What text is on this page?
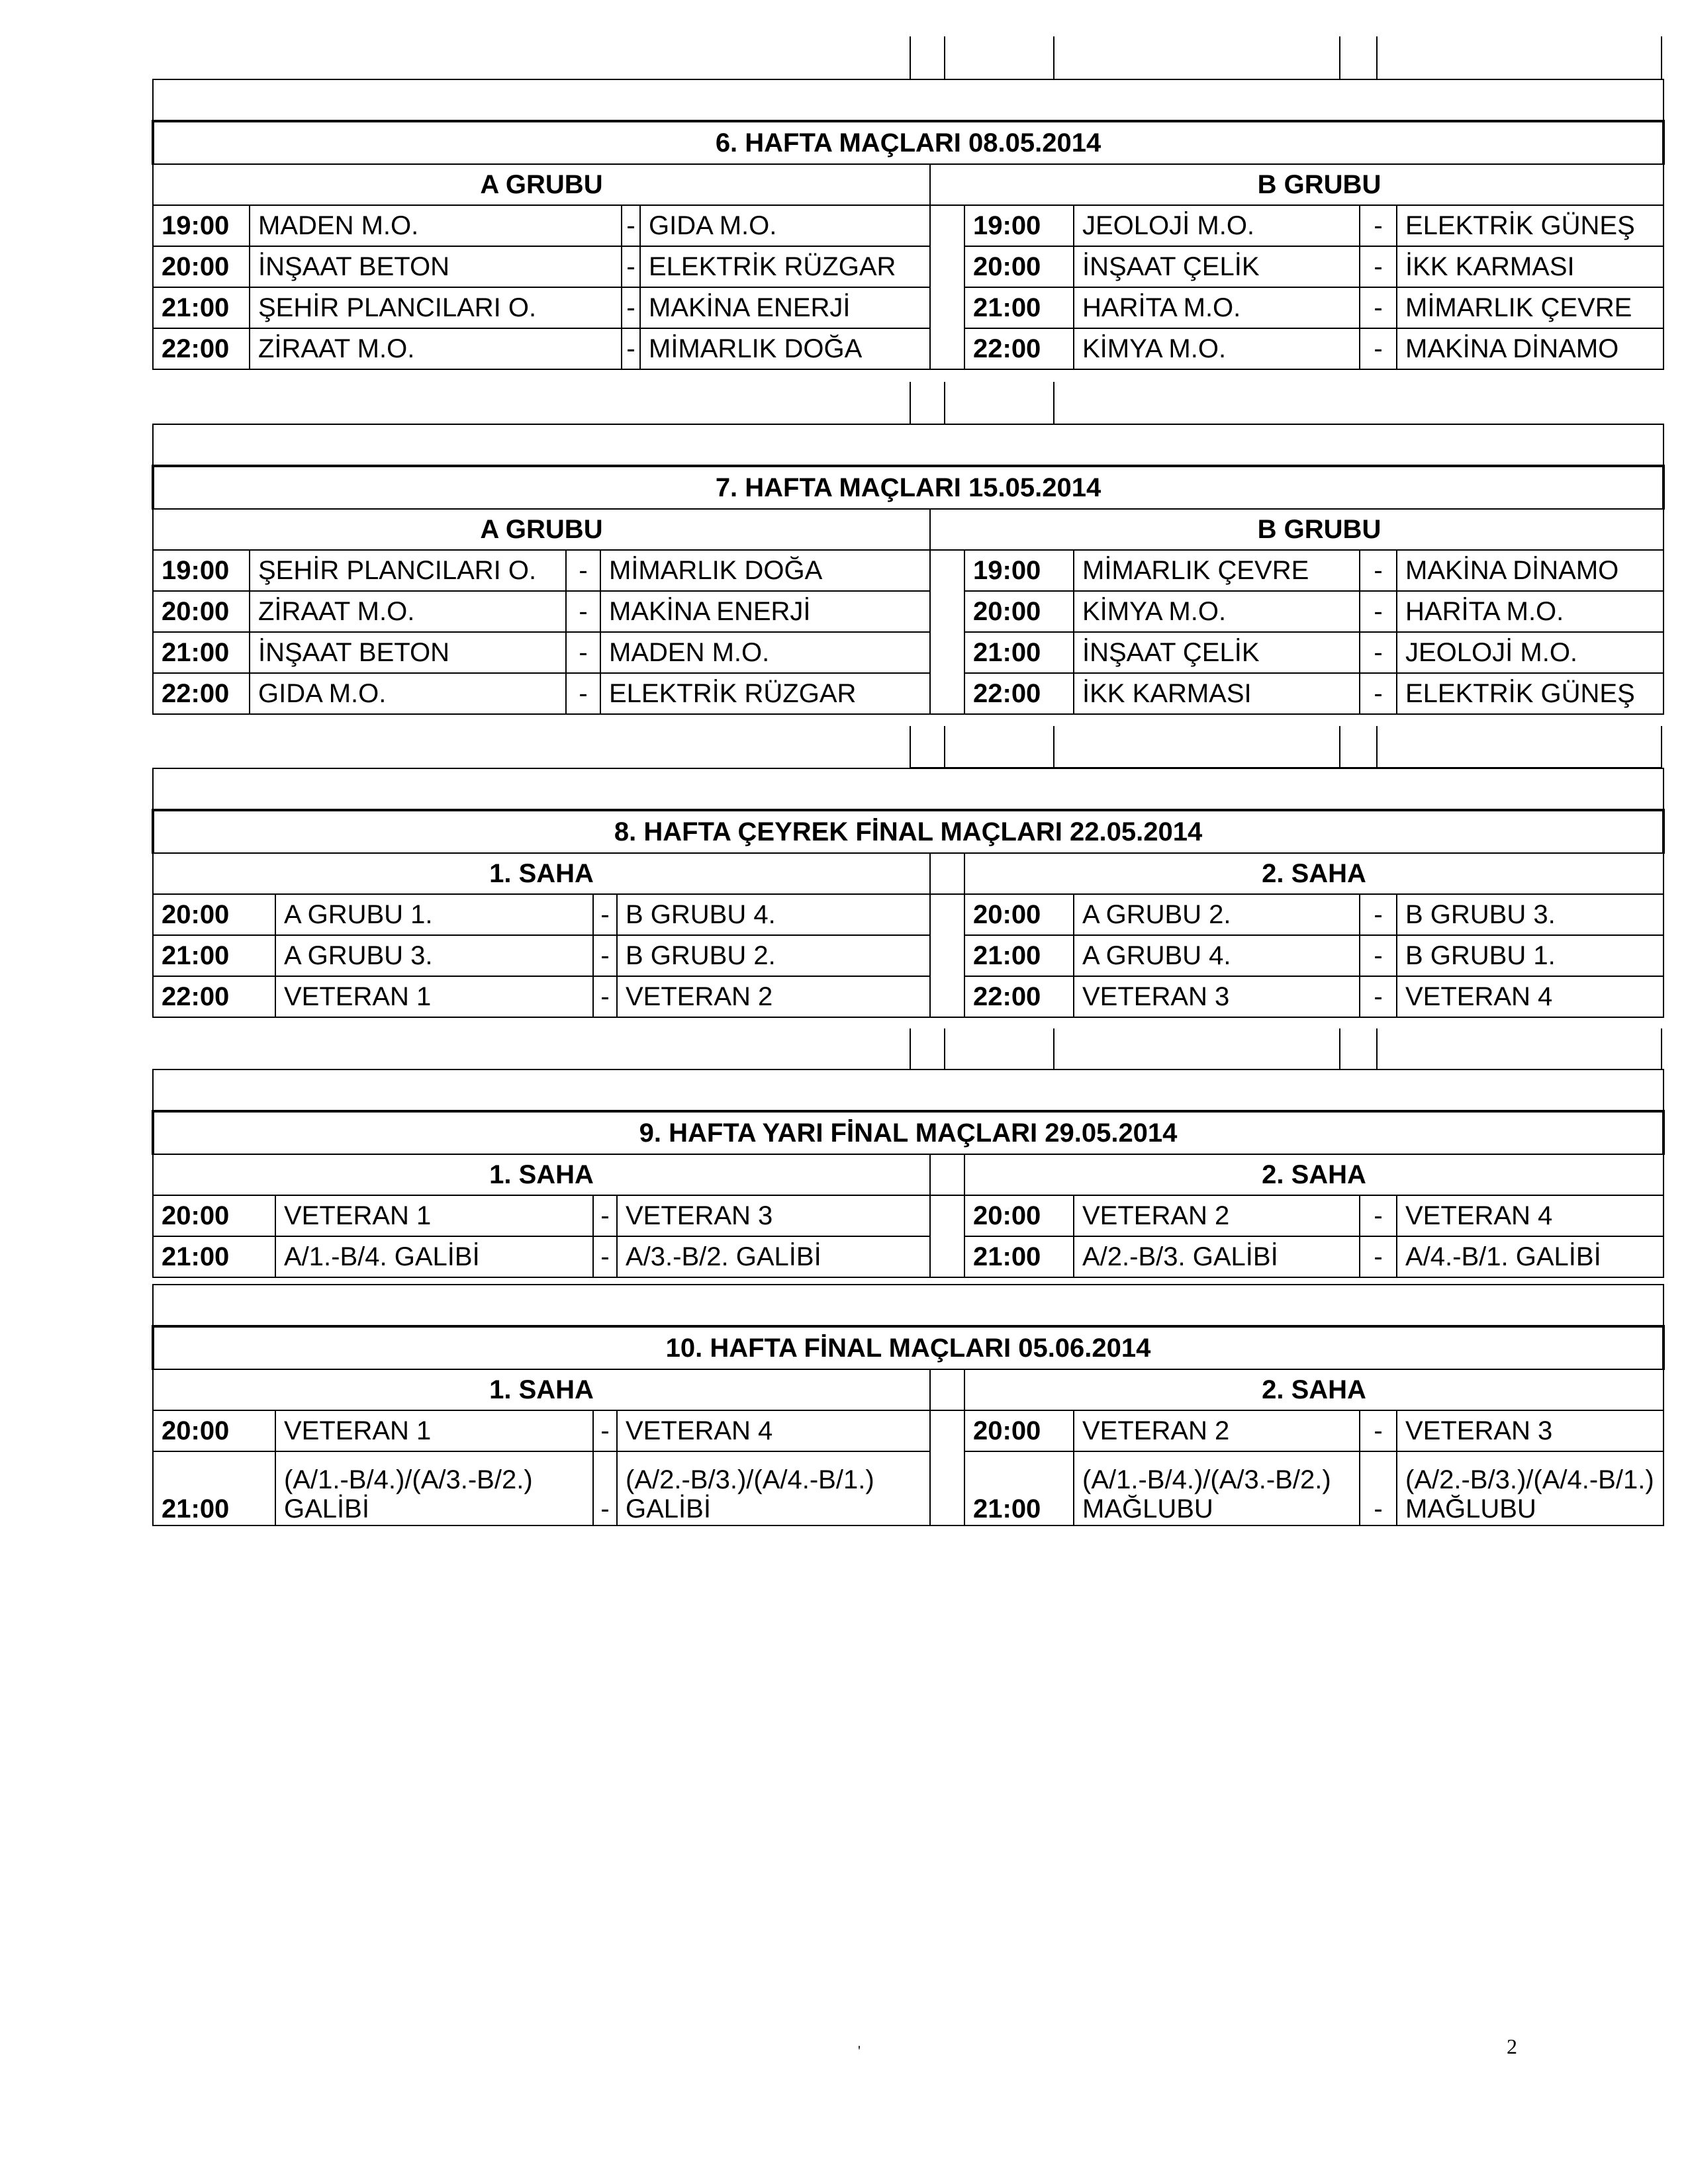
6. HAFTA MAÇLARI 08.05.2014								
A GRUBU				B GRUBU				
19:00	MADEN M.O.	-	GIDA M.O.		19:00	JEOLOJİ M.O.	-	ELEKTRİK GÜNEŞ
20:00	İNŞAAT BETON	-	ELEKTRİK RÜZGAR		20:00	İNŞAAT ÇELİK	-	İKK KARMASI
21:00	ŞEHİR PLANCILARI O.	-	MAKİNA ENERJİ		21:00	HARİTA M.O.	-	MİMARLIK ÇEVRE
22:00	ZİRAAT M.O.	-	MİMARLIK DOĞA		22:00	KİMYA M.O.	-	MAKİNA DİNAMO

7. HAFTA MAÇLARI 15.05.2014								
A GRUBU				B GRUBU				
19:00	ŞEHİR PLANCILARI O.	-	MİMARLIK DOĞA		19:00	MİMARLIK ÇEVRE	-	MAKİNA DİNAMO
20:00	ZİRAAT M.O.	-	MAKİNA ENERJİ		20:00	KİMYA M.O.	-	HARİTA M.O.
21:00	İNŞAAT BETON	-	MADEN M.O.		21:00	İNŞAAT ÇELİK	-	JEOLOJİ M.O.
22:00	GIDA M.O.	-	ELEKTRİK RÜZGAR		22:00	İKK KARMASI	-	ELEKTRİK GÜNEŞ

8. HAFTA ÇEYREK FİNAL MAÇLARI 22.05.2014								
1. SAHA					2. SAHA			
20:00	A GRUBU 1.	-	B GRUBU 4.		20:00	A GRUBU 2.	-	B GRUBU 3.
21:00	A GRUBU 3.	-	B GRUBU 2.		21:00	A GRUBU 4.	-	B GRUBU 1.
22:00	VETERAN 1	-	VETERAN 2		22:00	VETERAN 3	-	VETERAN 4

9. HAFTA YARI FİNAL MAÇLARI 29.05.2014								
1. SAHA					2. SAHA			
20:00	VETERAN 1	-	VETERAN 3		20:00	VETERAN 2	-	VETERAN 4
21:00	A/1.-B/4. GALİBİ	-	A/3.-B/2. GALİBİ		21:00	A/2.-B/3. GALİBİ	-	A/4.-B/1. GALİBİ

10. HAFTA FİNAL MAÇLARI 05.06.2014								
1. SAHA					2. SAHA			
20:00	VETERAN 1	-	VETERAN 4		20:00	VETERAN 2	-	VETERAN 3
21:00	(A/1.-B/4.)/(A/3.-B/2.) GALİBİ	-	(A/2.-B/3.)/(A/4.-B/1.) GALİBİ		21:00	(A/1.-B/4.)/(A/3.-B/2.) MAĞLUBU	-	(A/2.-B/3.)/(A/4.-B/1.) MAĞLUBU
'	2
